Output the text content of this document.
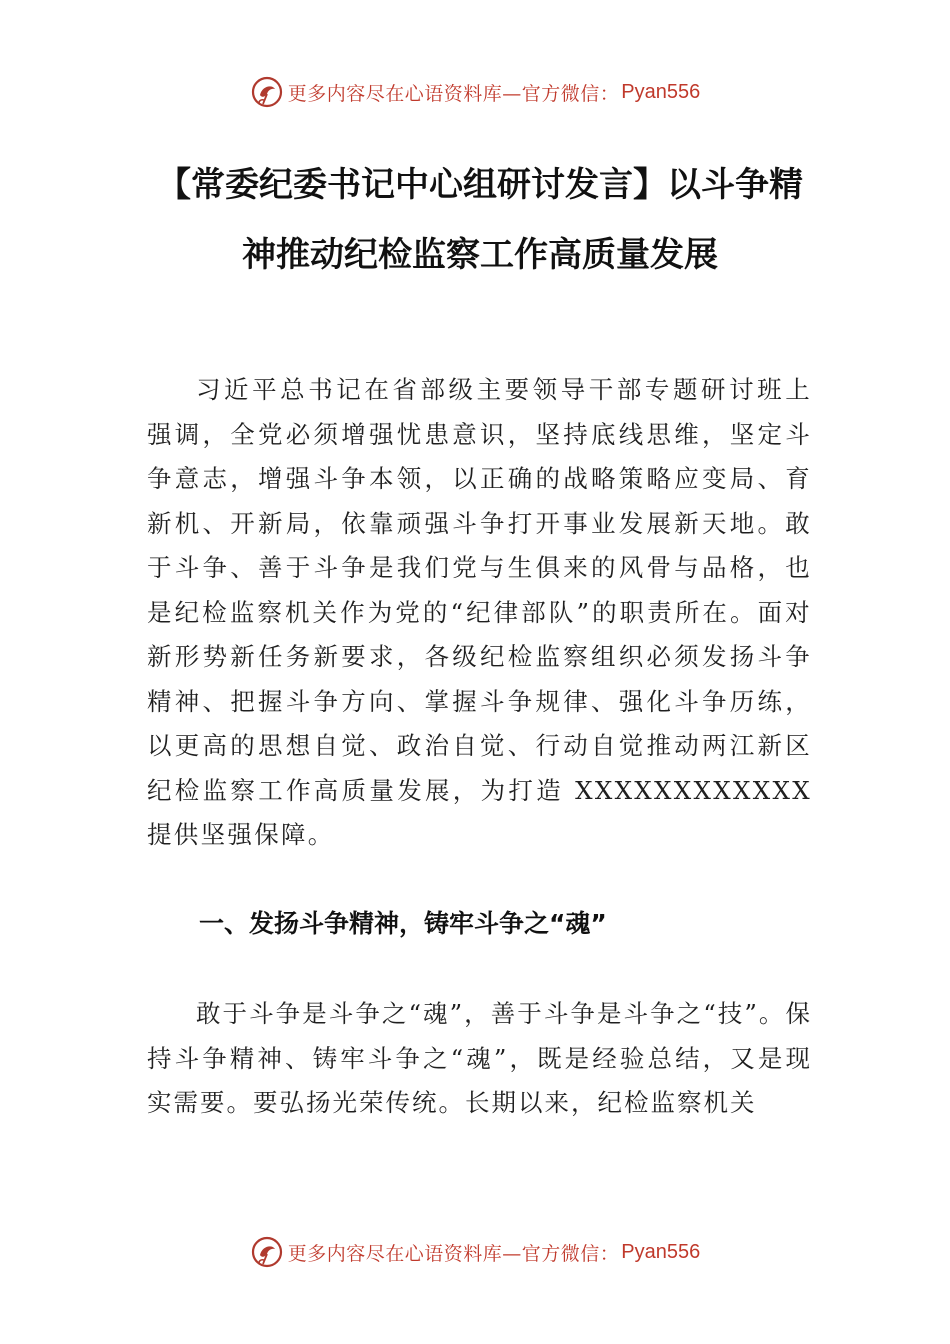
更多内容尽在心语资料库—官方微信： Pyan556
【常委纪委书记中心组研讨发言】以斗争精神推动纪检监察工作高质量发展

习近平总书记在省部级主要领导干部专题研讨班上强调，全党必须增强忧患意识，坚持底线思维，坚定斗争意志，增强斗争本领，以正确的战略策略应变局、育新机、开新局，依靠顽强斗争打开事业发展新天地。敢于斗争、善于斗争是我们党与生俱来的风骨与品格，也是纪检监察机关作为党的“纪律部队”的职责所在。面对新形势新任务新要求，各级纪检监察组织必须发扬斗争精神、把握斗争方向、掌握斗争规律、强化斗争历练，以更高的思想自觉、政治自觉、行动自觉推动两江新区纪检监察工作高质量发展，为打造 XXXXXXXXXXXX 提供坚强保障。

一、发扬斗争精神，铸牢斗争之“魂”

敢于斗争是斗争之“魂”，善于斗争是斗争之“技”。保持斗争精神、铸牢斗争之“魂”，既是经验总结，又是现实需要。要弘扬光荣传统。长期以来，纪检监察机关

更多内容尽在心语资料库—官方微信： Pyan556
